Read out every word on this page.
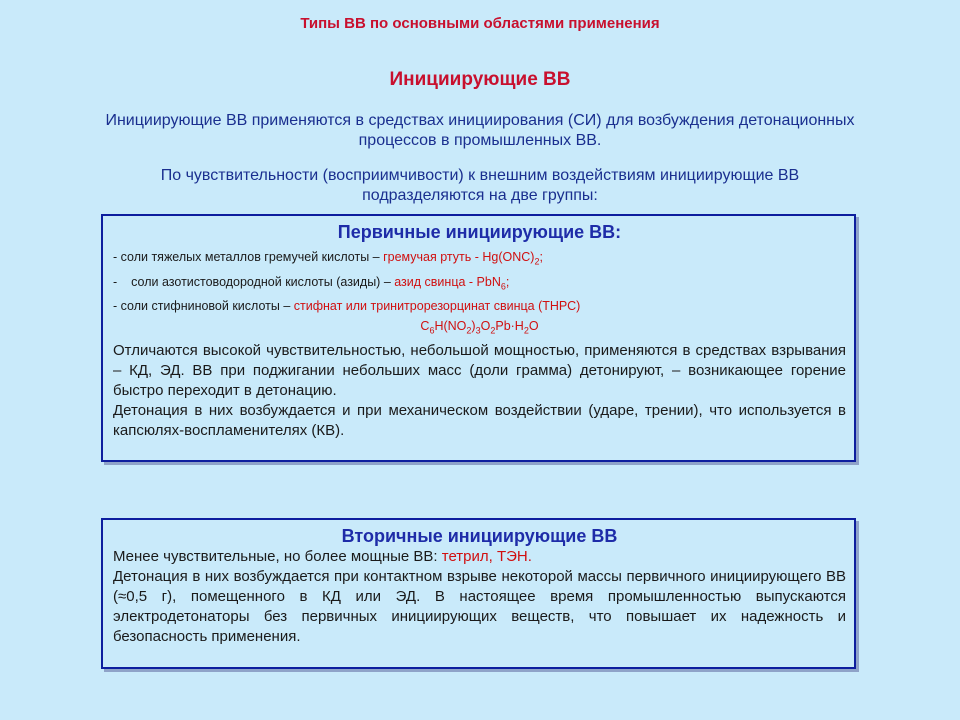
Типы ВВ по основными областями применения
Инициирующие ВВ
Инициирующие ВВ применяются в средствах инициирования (СИ) для возбуждения детонационных процессов в промышленных ВВ.
По чувствительности (восприимчивости) к внешним воздействиям инициирующие ВВ подразделяются на две группы:
Первичные инициирующие ВВ:
- соли тяжелых металлов гремучей кислоты – гремучая ртуть - $Hg(ONC)_2$;
- соли азотистоводородной кислоты (азиды) – азид свинца - PbN$_6$;
- соли стифниновой кислоты – стифнат или тринитрорезорцинат свинца (ТНРС)
$C_6H(NO_2)_3O_2Pb\cdot H_2O$
Отличаются высокой чувствительностью, небольшой мощностью, применяются в средствах взрывания – КД, ЭД. ВВ при поджигании небольших масс (доли грамма) детонируют, – возникающее горение быстро переходит в детонацию.
Детонация в них возбуждается и при механическом воздействии (ударе, трении), что используется в капсюлях-воспламенителях (КВ).
Вторичные инициирующие ВВ
Менее чувствительные, но более мощные ВВ: тетрил, ТЭН.
Детонация в них возбуждается при контактном взрыве некоторой массы первичного инициирующего ВВ (≈0,5 г), помещенного в КД или ЭД. В настоящее время промышленностью выпускаются электродетонаторы без первичных инициирующих веществ, что повышает их надежность и безопасность применения.
